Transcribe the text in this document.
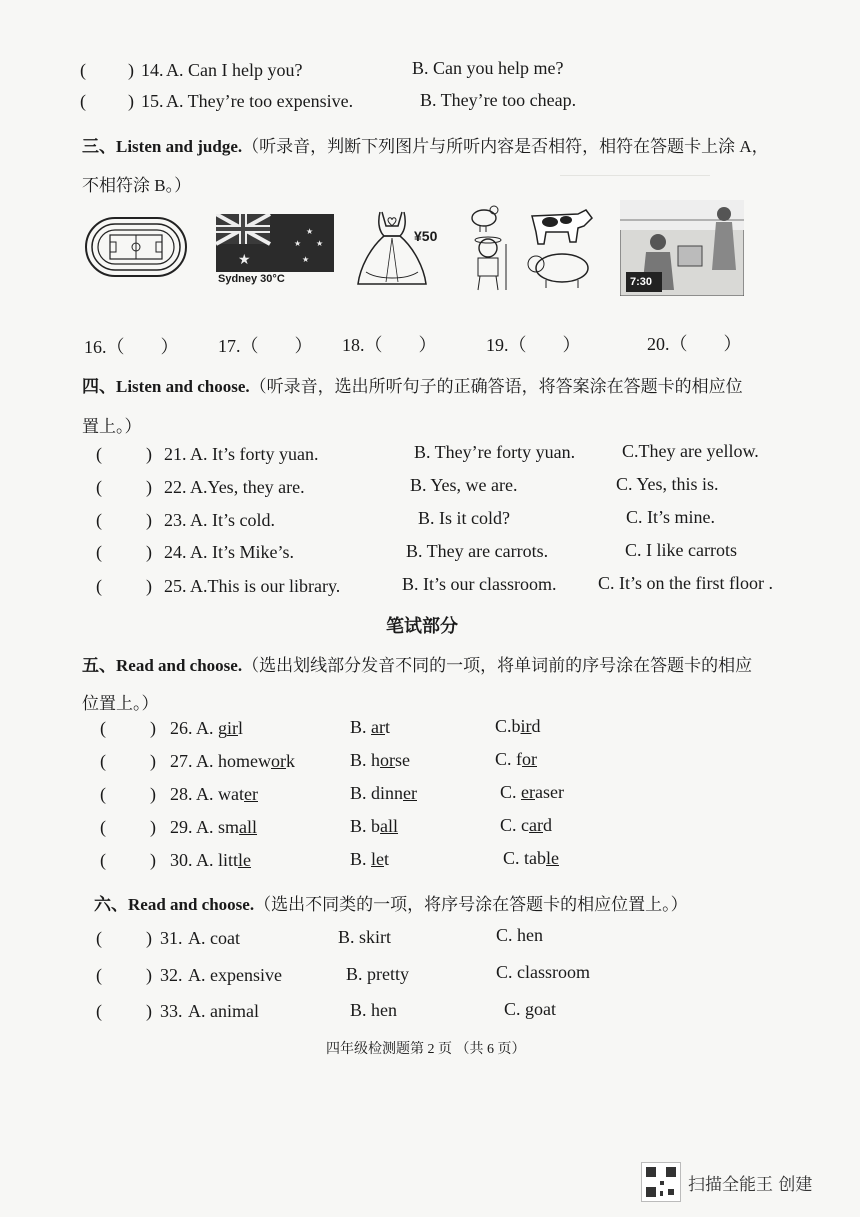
( ) 14. A. Can I help you?	B. Can you help me?
( ) 15. A. They’re too expensive.	B. They’re too cheap.
三、Listen and judge.（听录音，判断下列图片与所听内容是否相符，相符在答题卡上涂 A，
不相符涂 B。）
★
★
★
★
★
Sydney 30°C
¥50
7:30
16.（　　） 17.（　　） 18.（　　）	19.（　　）	20.（　　）
四、Listen and choose.（听录音，选出所听句子的正确答语，将答案涂在答题卡的相应位
置上。）
( ) 21. A. It’s forty yuan.	B. They’re forty yuan.	C.They are yellow.
( ) 22. A.Yes, they are.	B. Yes, we are.	C. Yes, this is.
( ) 23. A. It’s cold.	B. Is it cold?	C. It’s mine.
( ) 24. A. It’s Mike’s.	B. They are carrots.	C. I like carrots
( ) 25. A.This is our library.	B. It’s our classroom. C. It’s on the first floor .
笔试部分
五、Read and choose.（选出划线部分发音不同的一项，将单词前的序号涂在答题卡的相应
位置上。）
( ) 26. A. girl	B. art	C.bird
( ) 27. A. homework	B. horse	C. for
( ) 28. A. water	B. dinner	C. eraser
( ) 29. A. small	B. ball	C. card
( ) 30. A. little	B. let	C. table
六、Read and choose.（选出不同类的一项，将序号涂在答题卡的相应位置上。）
( ) 31. A. coat	B. skirt	C. hen
( ) 32. A. expensive	B. pretty	C. classroom
( ) 33. A. animal	B. hen	C. goat
四年级检测题第 2 页 （共 6 页）
扫描全能王 创建
